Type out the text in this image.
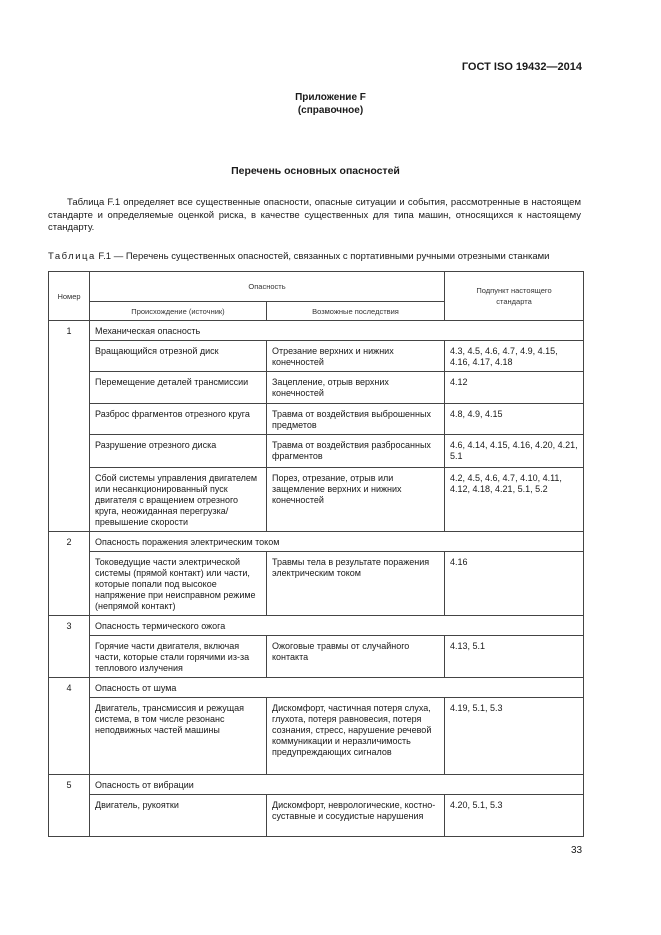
ГОСТ ISO 19432—2014
Приложение F
(справочное)
Перечень основных опасностей
Таблица F.1 определяет все существенные опасности, опасные ситуации и события, рассмотренные в настоящем стандарте и определяемые оценкой риска, в качестве существенных для типа машин, относящихся к настоящему стандарту.
Таблица F.1 — Перечень существенных опасностей, связанных с портативными ручными отрезными станками
Номер	Опасность		Подпункт настоящего стандарта
	Происхождение (источник)	Возможные последствия	
1	Механическая опасность		
	Вращающийся отрезной диск	Отрезание верхних и нижних конечностей	4.3, 4.5, 4.6, 4.7, 4.9, 4.15, 4.16, 4.17, 4.18
	Перемещение деталей трансмиссии	Зацепление, отрыв верхних конечностей	4.12
	Разброс фрагментов отрезного круга	Травма от воздействия выброшенных предметов	4.8, 4.9, 4.15
	Разрушение отрезного диска	Травма от воздействия разбросанных фрагментов	4.6, 4.14, 4.15, 4.16, 4.20, 4.21, 5.1
	Сбой системы управления двигателем или несанкционированный пуск двигателя с вращением отрезного круга, неожиданная перегрузка/превышение скорости	Порез, отрезание, отрыв или защемление верхних и нижних конечностей	4.2, 4.5, 4.6, 4.7, 4.10, 4.11, 4.12, 4.18, 4.21, 5.1, 5.2
2	Опасность поражения электрическим током		
	Токоведущие части электрической системы (прямой контакт) или части, которые попали под высокое напряжение при неисправном режиме (непрямой контакт)	Травмы тела в результате поражения электрическим током	4.16
3	Опасность термического ожога		
	Горячие части двигателя, включая части, которые стали горячими из-за теплового излучения	Ожоговые травмы от случайного контакта	4.13, 5.1
4	Опасность от шума		
	Двигатель, трансмиссия и режущая система, в том числе резонанс неподвижных частей машины	Дискомфорт, частичная потеря слуха, глухота, потеря равновесия, потеря сознания, стресс, нарушение речевой коммуникации и неразличимость предупреждающих сигналов	4.19, 5.1, 5.3
5	Опасность от вибрации		
	Двигатель, рукоятки	Дискомфорт, неврологические, костно-суставные и сосудистые нарушения	4.20, 5.1, 5.3
33
